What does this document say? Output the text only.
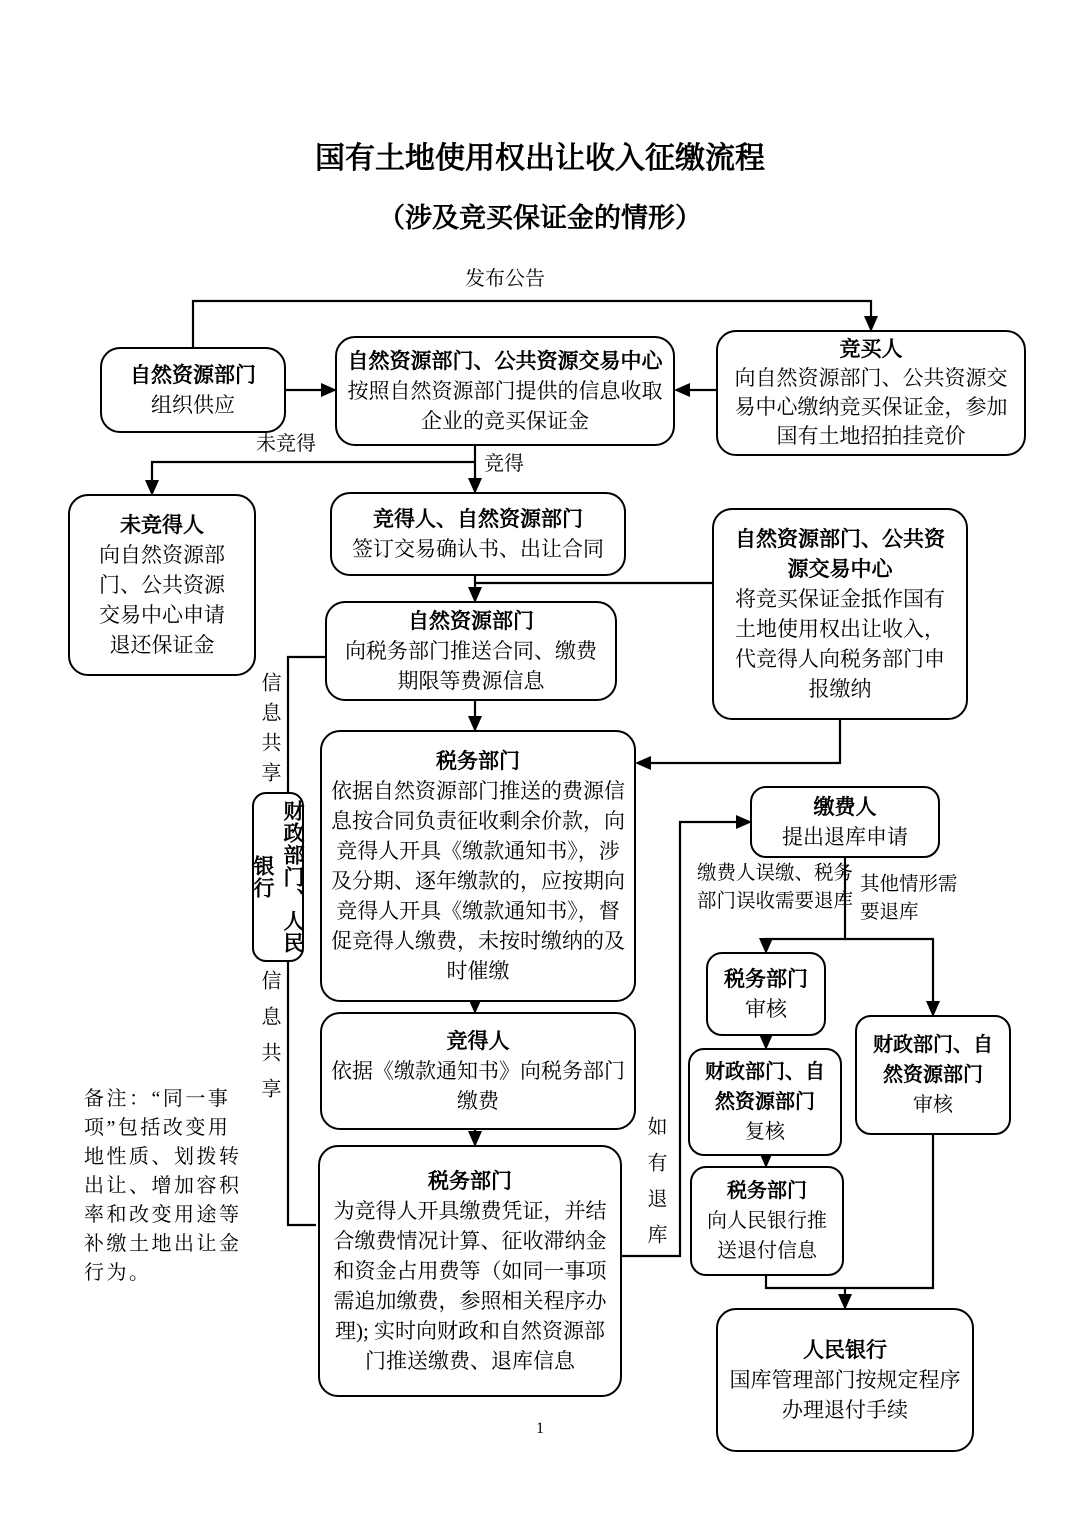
国有土地使用权出让收入征缴流程
（涉及竞买保证金的情形）
自然资源部门
组织供应
自然资源部门、公共资源交易中心
按照自然资源部门提供的信息收取企业的竞买保证金
竞买人
向自然资源部门、公共资源交易中心缴纳竞买保证金，参加国有土地招拍挂竞价
未竞得人
向自然资源部门、公共资源交易中心申请退还保证金
竞得人、自然资源部门
签订交易确认书、出让合同	自然资源部门、公共资源交易中心
将竞买保证金抵作国有土地使用权出让收入，代竞得人向税务部门申报缴纳
自然资源部门
向税务部门推送合同、缴费期限等费源信息
税务部门
依据自然资源部门推送的费源信息按合同负责征收剩余价款，向竞得人开具《缴款通知书》，涉及分期、逐年缴款的，应按期向竞得人开具《缴款通知书》，督促竞得人缴费，未按时缴纳的及时催缴
竞得人
依据《缴款通知书》向税务部门缴费
税务部门
为竞得人开具缴费凭证，并结合缴费情况计算、征收滞纳金和资金占用费等（如同一事项需追加缴费，参照相关程序办理); 实时向财政和自然资源部门推送缴费、退库信息
财政部门、人民银行
缴费人
提出退库申请
税务部门
审核
财政部门、自然资源部门
复核
税务部门
向人民银行推送退付信息
财政部门、自然资源部门
审核
人民银行
国库管理部门按规定程序办理退付手续
发布公告
未竞得
竞得
信息共享
信息共享
缴费人误缴、税务部门误收需要退库
其他情形需要退库
如有退库
备注：“同一事项”包括改变用地性质、划拨转出让、增加容积率和改变用途等补缴土地出让金行为。
1
